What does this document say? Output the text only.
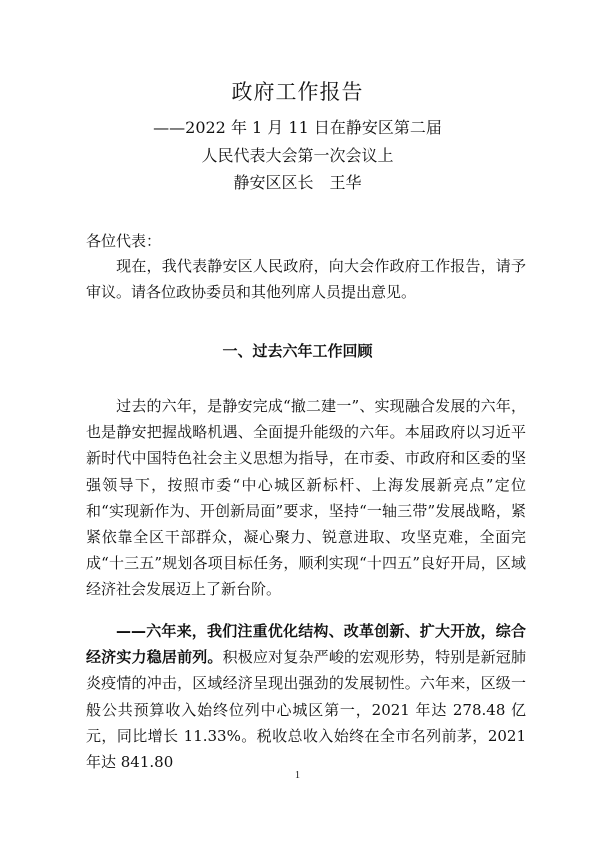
政府工作报告
——2022 年 1 月 11 日在静安区第二届
人民代表大会第一次会议上
静安区区长　王华
各位代表：
现在，我代表静安区人民政府，向大会作政府工作报告，请予审议。请各位政协委员和其他列席人员提出意见。
一、过去六年工作回顾
过去的六年，是静安完成“撤二建一”、实现融合发展的六年，也是静安把握战略机遇、全面提升能级的六年。本届政府以习近平新时代中国特色社会主义思想为指导，在市委、市政府和区委的坚强领导下，按照市委“中心城区新标杆、上海发展新亮点”定位和“实现新作为、开创新局面”要求，坚持“一轴三带”发展战略，紧紧依靠全区干部群众，凝心聚力、锐意进取、攻坚克难，全面完成“十三五”规划各项目标任务，顺利实现“十四五”良好开局，区域经济社会发展迈上了新台阶。
——六年来，我们注重优化结构、改革创新、扩大开放，综合经济实力稳居前列。积极应对复杂严峻的宏观形势，特别是新冠肺炎疫情的冲击，区域经济呈现出强劲的发展韧性。六年来，区级一般公共预算收入始终位列中心城区第一，2021 年达 278.48 亿元，同比增长 11.33%。税收总收入始终在全市名列前茅，2021 年达 841.80
1
